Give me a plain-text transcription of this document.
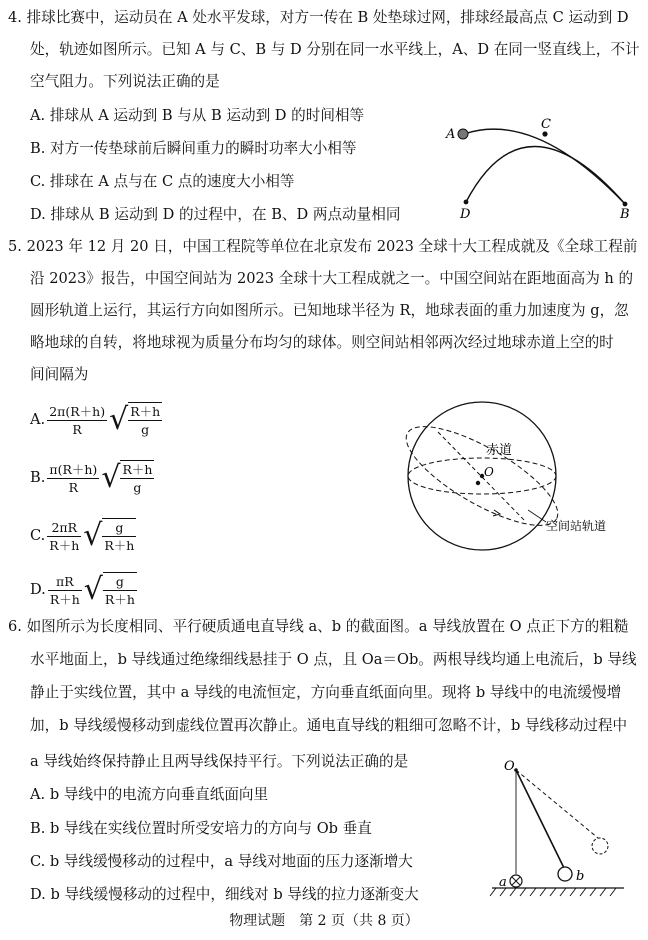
4. 排球比赛中，运动员在 A 处水平发球，对方一传在 B 处垫球过网，排球经最高点 C 运动到 D
处，轨迹如图所示。已知 A 与 C、B 与 D 分别在同一水平线上，A、D 在同一竖直线上，不计
空气阻力。下列说法正确的是
A. 排球从 A 运动到 B 与从 B 运动到 D 的时间相等
B. 对方一传垫球前后瞬间重力的瞬时功率大小相等
C. 排球在 A 点与在 C 点的速度大小相等
D. 排球从 B 运动到 D 的过程中，在 B、D 两点动量相同
A
C
D	B
5. 2023 年 12 月 20 日，中国工程院等单位在北京发布 2023 全球十大工程成就及《全球工程前
沿 2023》报告，中国空间站为 2023 全球十大工程成就之一。中国空间站在距地面高为 h 的
圆形轨道上运行，其运行方向如图所示。已知地球半径为 R，地球表面的重力加速度为 g，忽
略地球的自转，将地球视为质量分布均匀的球体。则空间站相邻两次经过地球赤道上空的时
间间隔为
A. $\frac{2\pi(R+h)}{R}$ √ $\frac{R+h}{g}$
B. $\frac{\pi(R+h)}{R}$ √ $\frac{R+h}{g}$
C. $\frac{2\pi R}{R+h}$ √ $\frac{g}{R+h}$
D. $\frac{\pi R}{R+h}$ √ $\frac{g}{R+h}$
O
赤道
空间站轨道
6. 如图所示为长度相同、平行硬质通电直导线 a、b 的截面图。a 导线放置在 O 点正下方的粗糙
水平地面上，b 导线通过绝缘细线悬挂于 O 点，且 Oa＝Ob。两根导线均通上电流后，b 导线
静止于实线位置，其中 a 导线的电流恒定，方向垂直纸面向里。现将 b 导线中的电流缓慢增
加，b 导线缓慢移动到虚线位置再次静止。通电直导线的粗细可忽略不计，b 导线移动过程中
a 导线始终保持静止且两导线保持平行。下列说法正确的是
A. b 导线中的电流方向垂直纸面向里
B. b 导线在实线位置时所受安培力的方向与 Ob 垂直
C. b 导线缓慢移动的过程中，a 导线对地面的压力逐渐增大
D. b 导线缓慢移动的过程中，细线对 b 导线的拉力逐渐变大
O
a	b
物理试题　第 2 页（共 8 页）
